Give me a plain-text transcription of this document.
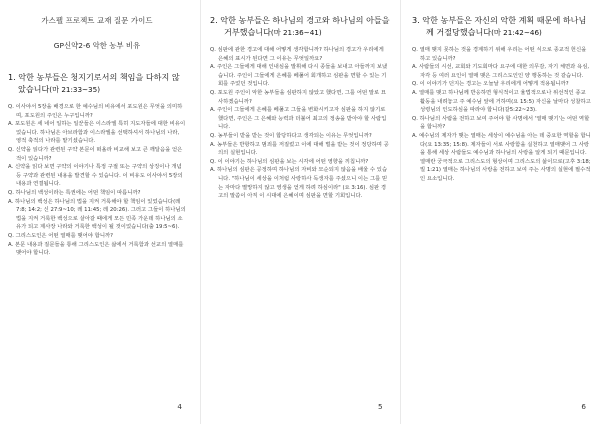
가스펠 프로젝트 교재 질문 가이드
GP신약2-6 악한 농부 비유
1. 악한 농부들은 청지기로서의 책임을 다하지 않았습니다(마 21:33~35)

Q. 이사야서 5장을 배경으로 한 예수님의 비유에서 포도원은 무엇을 의미하며, 포도원의 주인은 누구입니까?

A. 포도원은 세 네어 일하는 일꾼들은 이스라엘 특히 지도자들에 대한 비유이었습니다. 하나님은 아브라함과 이스라엘을 선택하셔서 하나님의 나라, 영적 축적의 나라를 맡기셨습니다.

Q. 신약을 읽다가 관련된 구약 본문이 떠올라 비교해 보고 큰 깨달음을 얻은 적이 있습니까?

A. 신약을 읽다 보면 구약의 이야기나 특정 구절 또는 구약의 상징이나 개념 등 구약과 관련된 내용을 발견할 수 있습니다. 이 비유도 이사야서 5장의 내용과 연결됩니다.

Q. 하나님의 백성이라는 특권에는 어떤 책임이 따릅니까?

A. 하나님의 백성은 하나님의 법을 지켜 거룩해야 할 책임이 있었습니다(레 7:8; 14:2; 신 27:9~10; 레 11:45; 레 20:26). 그러고 그들이 하나님의 법을 지켜 거룩한 백성으로 살아갈 때에게 모든 민족 가운데 하나님의 소유가 되고 제사장 나라와 거룩한 백성이 될 것이었습니다(출 19:5~6).

Q. 그리스도인은 어떤 열매를 맺어야 합니까?

A. 본문 내용과 질문들을 통해 그리스도인은 삶에서 거룩함과 선교의 열매를 맺어야 합니다.

4
2. 악한 농부들은 하나님의 경고와 하나님의 아들을 거부했습니다(마 21:36~41)

Q. 심판에 관한 경고에 대해 어떻게 생각합니까? 하나님의 경고가 우리에게 은혜의 표시가 된다면 그 이유는 무엇일까요?

A. 주인은 그들에게 대해 인내심을 발휘해 다시 종들을 보내고 아들까지 보냈습니다. 주인이 그들에게 은혜를 베풀어 회개하고 심판을 면할 수 있는 기회를 주었던 것입니다.

Q. 포도원 주인이 악한 농부들을 심판하지 않았고 했다면, 그를 어떤 말로 묘사하겠습니까?

A. 주인이 그들에게 은혜를 베풀고 그들을 변화시키고자 심판을 하지 않기로 했다면, 주인은 그 은혜와 능력과 더불어 최고의 정송을 받아야 할 사람입니다.

Q. 농부들이 받을 받는 것이 합당하다고 생각되는 이유는 무엇입니까?

A. 농부들은 반항하고 범죄를 저질렀고 이에 대해 벌을 받는 것이 정당하며 공의의 실현입니다.

Q. 이 이야기는 하나님의 심판을 보는 시각에 어떤 영향을 끼칩니까?

A. 하나님의 심판은 공정하며 하나님의 자비와 모순되지 않음을 배울 수 있습니다. "하나님이 세상을 이처럼 사랑하사 독생자를 주셨으니 이는 그를 믿는 자마다 멸망하지 않고 영생을 얻게 하려 하심이라" (요 3:16). 심판 경고의 말씀이 아직 이 시대에 은혜이며 심판을 면할 기회입니다.

5
3. 악한 농부들은 자신의 악한 계획 때문에 하나님께 거절당했습니다(마 21:42~46)

Q. 열매 맺지 못하는 것을 경계하기 위해 우리는 어떤 식으로 종교적 헌신을 하고 있습니까?

A. 사람들의 시선, 교회와 기도회마다 요구에 대한 의무감, 자기 체면과 욕심, 자각 등 여러 요인이 열매 맺은 그리스도인인 양 행동하는 것 같습니다.

Q. 이 이야기가 던지는 경고는 오늘날 우리에게 어떻게 적용됩니까?

A. 열매를 맺고 하나님께 반응하면 형식적이고 율법적으로나 위선적인 종교 활동을 내려놓고 주 예수님 앞에 거하며(요 15:5) 자신을 날마다 성찰하고 성령님의 인도하심을 따라야 합니다(갈5:22~23).

Q. 하나님의 사람을 전하고 보여 주어야 할 사명에서 '열매 맺기'는 어떤 역할을 합니까?

A. 예수님의 제자가 맺는 열매는 세상이 예수님을 아는 데 중요한 역할을 합니다(요 13:35; 15:8). 제자들이 서로 사랑함을 실천하고 열매맺어 그 사랑을 통해 세상 사람들도 예수님과 하나님의 사랑을 알게 되기 때문입니다. 열매란 궁극적으로 그리스도의 형상이며 그리스도의 삶이므로(고후 3:18; 빌 1:21) 열매는 하나님의 사랑을 전하고 보여 주는 사명의 실현에 필수적인 요소입니다.

6
